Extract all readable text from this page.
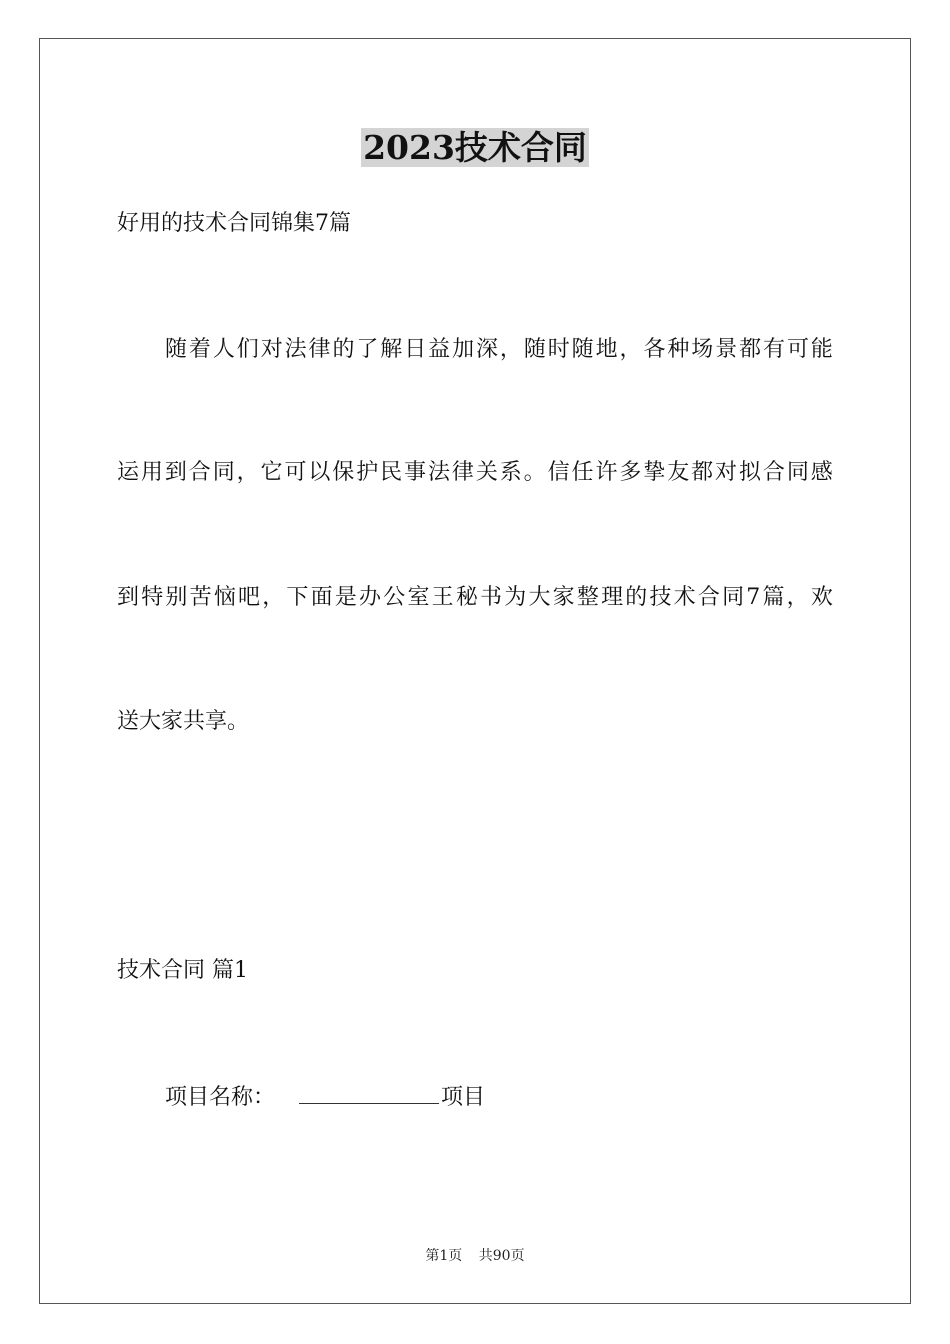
2023技术合同
好用的技术合同锦集7篇
随 着 人 们 对 法 律 的 了 解 日 益 加 深 ， 随 时 随 地 ， 各 种 场 景 都 有 可 能
运 用 到 合 同 ， 它 可 以 保 护 民 事 法 律 关 系 。 信 任 许 多 挚 友 都 对 拟 合 同 感
到 特 别 苦 恼 吧 ， 下 面 是 办 公 室 王 秘 书 为 大 家 整 理 的 技 术 合 同 7 篇 ， 欢
送大家共享。
技术合同 篇1
项目名称：	项目
第1页 共90页
